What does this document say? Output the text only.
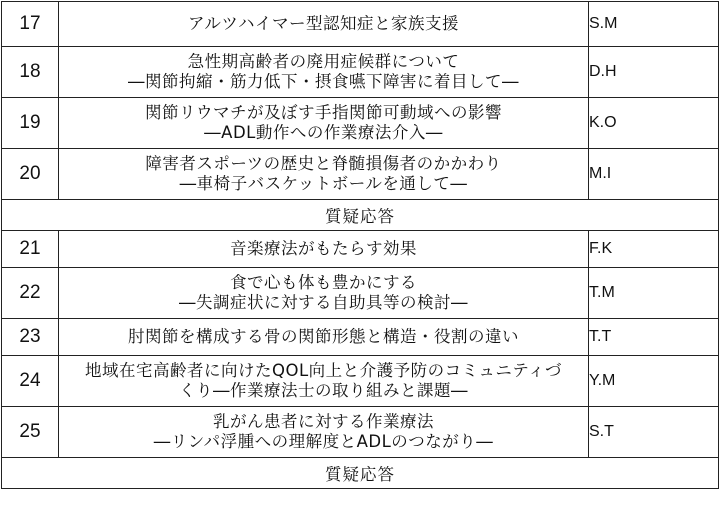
17	アルツハイマー型認知症と家族支援	S.M
18	急性期高齢者の廃用症候群について
―関節拘縮・筋力低下・摂食嚥下障害に着目して―	D.H
19	関節リウマチが及ぼす手指関節可動域への影響
―ADL動作への作業療法介入―	K.O
20	障害者スポーツの歴史と脊髄損傷者のかかわり
―車椅子バスケットボールを通して―	M.I
質疑応答		
21	音楽療法がもたらす効果	F.K
22	食で心も体も豊かにする
―失調症状に対する自助具等の検討―	T.M
23	肘関節を構成する骨の関節形態と構造・役割の違い	T.T
24	地域在宅高齢者に向けたQOL向上と介護予防のコミュニティづ
くり―作業療法士の取り組みと課題―	Y.M
25	乳がん患者に対する作業療法
―リンパ浮腫への理解度とADLのつながり―	S.T
質疑応答		
